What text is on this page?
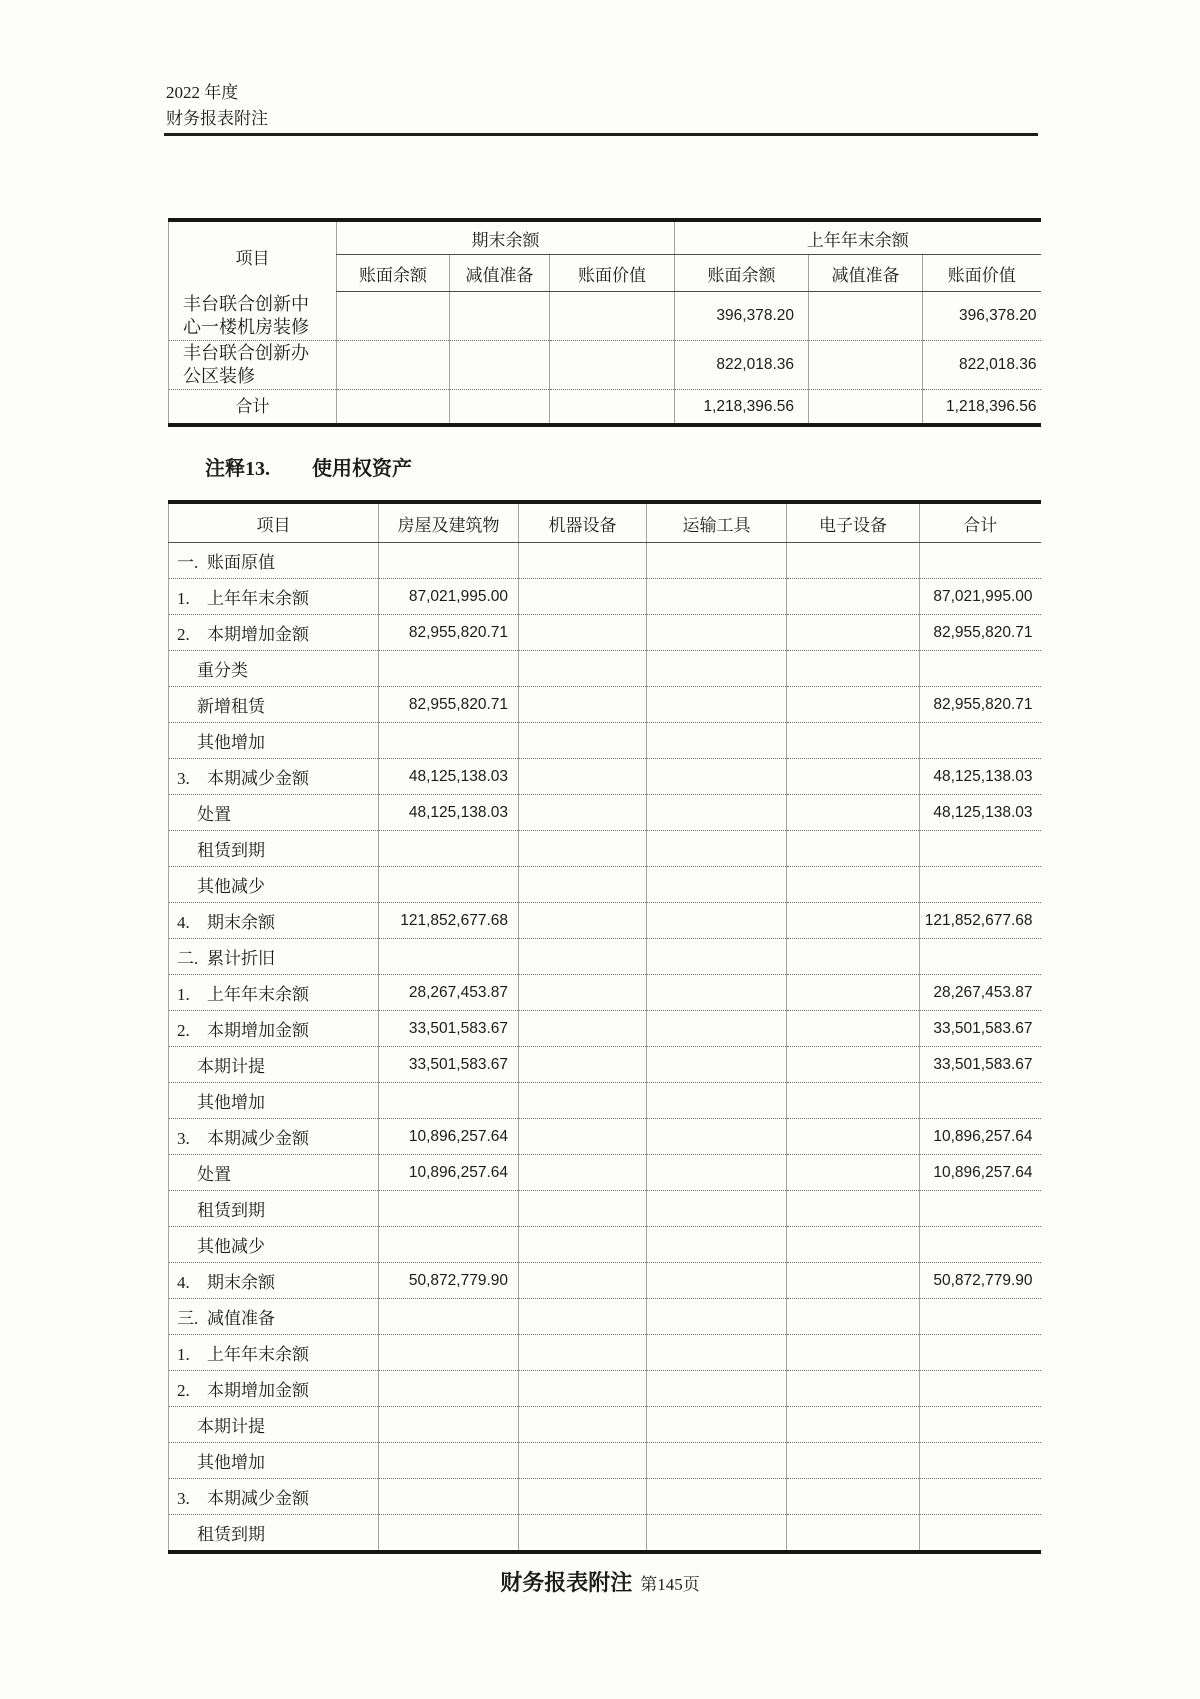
2022 年度
财务报表附注
项目	期末余额			上年年末余额		
	账面余额	减值准备	账面价值	账面余额	减值准备	账面价值
丰台联合创新中心一楼机房装修				396,378.20		396,378.20
丰台联合创新办公区装修				822,018.36		822,018.36
合计				1,218,396.56		1,218,396.56
注释13. 使用权资产
项目	房屋及建筑物	机器设备	运输工具	电子设备	合计
一. 账面原值					
1. 上年年末余额	87,021,995.00				87,021,995.00
2. 本期增加金额	82,955,820.71				82,955,820.71
重分类					
新增租赁	82,955,820.71				82,955,820.71
其他增加					
3. 本期减少金额	48,125,138.03				48,125,138.03
处置	48,125,138.03				48,125,138.03
租赁到期					
其他减少					
4. 期末余额	121,852,677.68				121,852,677.68
二. 累计折旧					
1. 上年年末余额	28,267,453.87				28,267,453.87
2. 本期增加金额	33,501,583.67				33,501,583.67
本期计提	33,501,583.67				33,501,583.67
其他增加					
3. 本期减少金额	10,896,257.64				10,896,257.64
处置	10,896,257.64				10,896,257.64
租赁到期					
其他减少					
4. 期末余额	50,872,779.90				50,872,779.90
三. 减值准备					
1. 上年年末余额					
2. 本期增加金额					
本期计提					
其他增加					
3. 本期减少金额					
租赁到期					
财务报表附注 第145页
